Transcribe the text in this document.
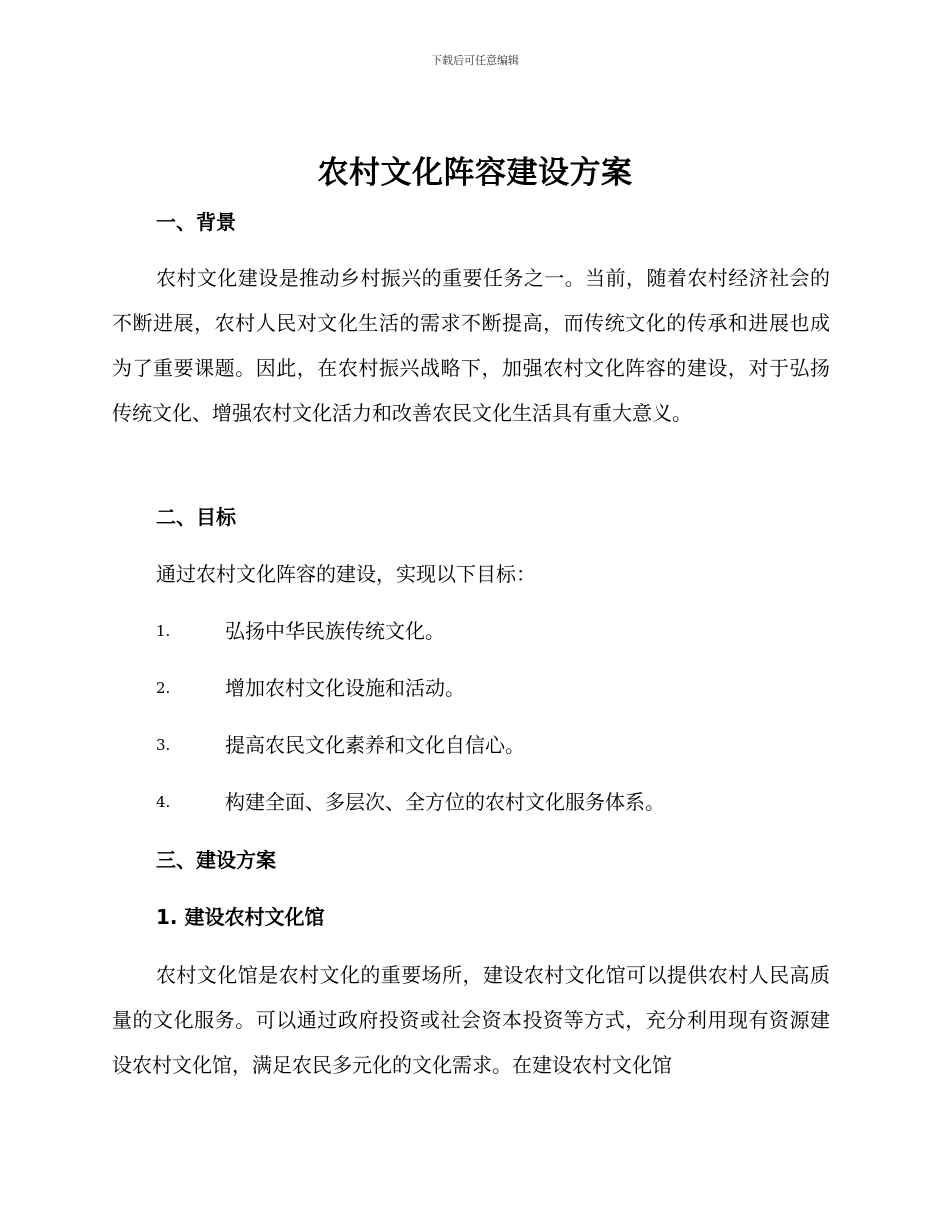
下载后可任意编辑
农村文化阵容建设方案
一、背景

农村文化建设是推动乡村振兴的重要任务之一。当前，随着农村经济社会的不断进展，农村人民对文化生活的需求不断提高，而传统文化的传承和进展也成为了重要课题。因此，在农村振兴战略下，加强农村文化阵容的建设，对于弘扬传统文化、增强农村文化活力和改善农民文化生活具有重大意义。

二、目标
通过农村文化阵容的建设，实现以下目标：
1.	弘扬中华民族传统文化。
2.	增加农村文化设施和活动。
3.	提高农民文化素养和文化自信心。
4.	构建全面、多层次、全方位的农村文化服务体系。
三、建设方案
1. 建设农村文化馆

农村文化馆是农村文化的重要场所，建设农村文化馆可以提供农村人民高质量的文化服务。可以通过政府投资或社会资本投资等方式，充分利用现有资源建设农村文化馆，满足农民多元化的文化需求。在建设农村文化馆
